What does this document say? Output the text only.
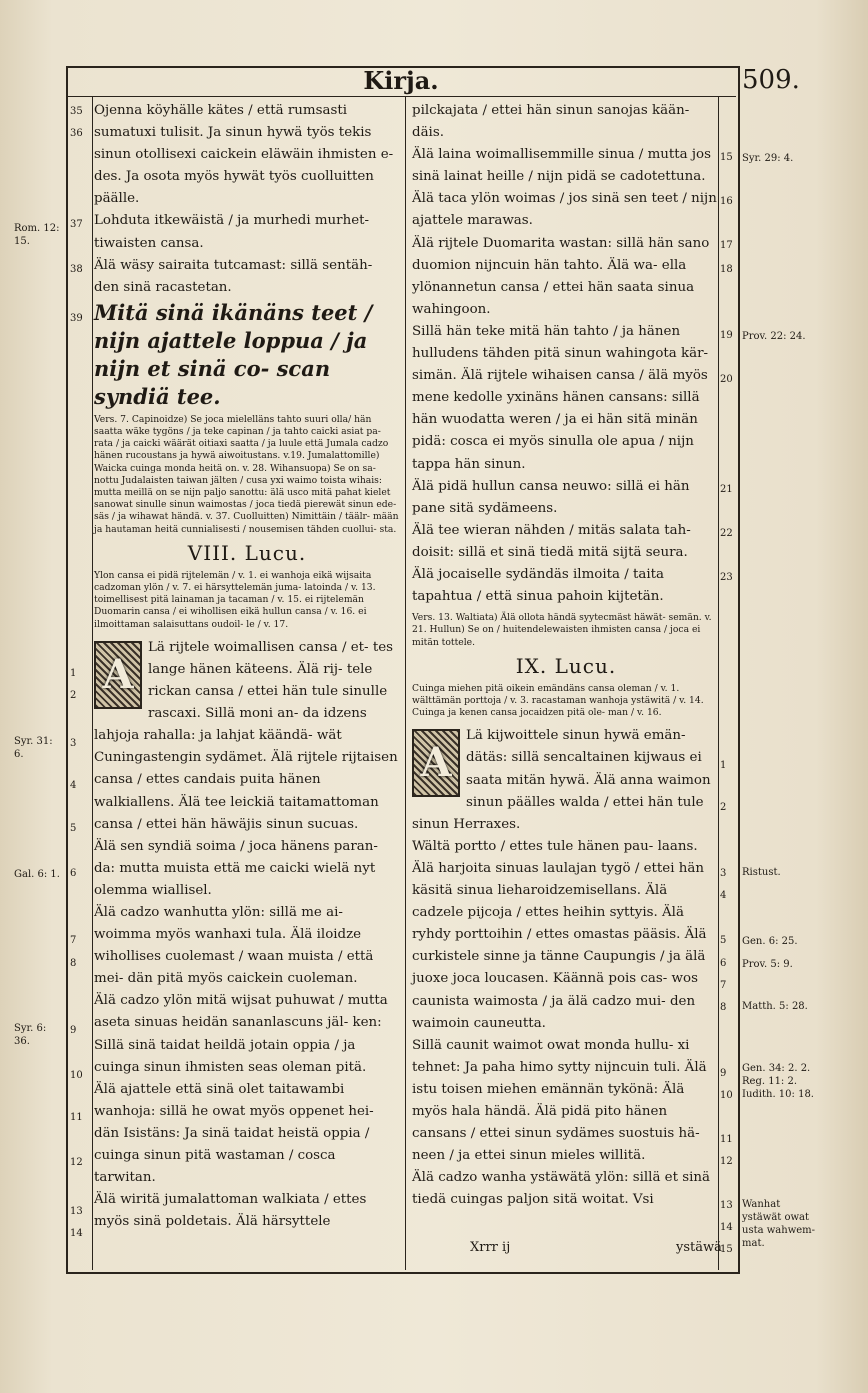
Kirja.	509.
35
36
37
38
39
1
2
3
4
5
6
7
8
9
10
11
12
13
14
Rom. 12: 15.
Syr. 31: 6.
Gal. 6: 1.
Syr. 6: 36.

Ojenna köyhälle kätes / että rumsasti sumatuxi tulisit. Ja sinun hywä työs tekis sinun otollisexi caickein eläwäin ihmisten e- des. Ja osota myös hywät työs cuolluitten päälle.

Lohduta itkewäistä / ja murhedi murhet- tiwaisten cansa.

Älä wäsy sairaita tutcamast: sillä sentäh- den sinä racastetan.

Mitä sinä ikänäns teet / nijn ajattele loppua / ja nijn et sinä co- scan syndiä tee.

Vers. 7. Capinoidze) Se joca mielelläns tahto suuri olla/ hän saatta wäke tygöns / ja teke capinan / ja tahto caicki asiat pa- rata / ja caicki wäärät oitiaxi saatta / ja luule että Jumala cadzo hänen rucoustans ja hywä aiwoitustans. v.19. Jumalattomille) Waicka cuinga monda heitä on. v. 28. Wihansuopa) Se on sa- nottu Judalaisten taiwan jälten / cusa yxi waimo toista wihais: mutta meillä on se nijn paljo sanottu: älä usco mitä pahat kielet sanowat sinulle sinun waimostas / joca tiedä pierewät sinun ede- säs / ja wihawat händä. v. 37. Cuolluitten) Nimittäin / täälr- mään ja hautaman heitä cunnialisesti / nousemisen tähden cuollui- sta.

VIII. Lucu.

Ylon cansa ei pidä rijtelemän / v. 1. ei wanhoja eikä wijsaita cadzoman ylön / v. 7. ei härsyttelemän juma- latoinda / v. 13. toimellisest pitä lainaman ja tacaman / v. 15. ei rijtelemän Duomarin cansa / ei wihollisen eikä hullun cansa / v. 16. ei ilmoittaman salaisuttans oudoil- le / v. 17.

A

Lä rijtele woimallisen cansa / et- tes lange hänen käteens. Älä rij- tele rickan cansa / ettei hän tule sinulle rascaxi. Sillä moni an- da idzens lahjoja rahalla: ja lahjat käändä- wät Cuningastengin sydämet. Älä rijtele rijtaisen cansa / ettes candais puita hänen walkiallens. Älä tee leickiä taitamattoman cansa / ettei hän häwäjis sinun sucuas.

Älä sen syndiä soima / joca hänens paran- da: mutta muista että me caicki wielä nyt olemma wiallisel.

Älä cadzo wanhutta ylön: sillä me ai- woimma myös wanhaxi tula. Älä iloidze wihollises cuolemast / waan muista / että mei- dän pitä myös caickein cuoleman.

Älä cadzo ylön mitä wijsat puhuwat / mutta aseta sinuas heidän sananlascuns jäl- ken: Sillä sinä taidat heildä jotain oppia / ja cuinga sinun ihmisten seas oleman pitä.

Älä ajattele että sinä olet taitawambi wanhoja: sillä he owat myös oppenet hei- dän Isistäns: Ja sinä taidat heistä oppia / cuinga sinun pitä wastaman / cosca tarwitan.

Älä wiritä jumalattoman walkiata / ettes myös sinä poldetais. Älä härsyttele

pilckajata / ettei hän sinun sanojas kään- däis.

Älä laina woimallisemmille sinua / mutta jos sinä lainat heille / nijn pidä se cadotettuna.

Älä taca ylön woimas / jos sinä sen teet / nijn ajattele marawas.

Älä rijtele Duomarita wastan: sillä hän sano duomion nijncuin hän tahto. Älä wa- ella ylönannetun cansa / ettei hän saata sinua wahingoon.

Sillä hän teke mitä hän tahto / ja hänen hulludens tähden pitä sinun wahingota kär- simän. Älä rijtele wihaisen cansa / älä myös mene kedolle yxinäns hänen cansans: sillä hän wuodatta weren / ja ei hän sitä minän pidä: cosca ei myös sinulla ole apua / nijn tappa hän sinun.

Älä pidä hullun cansa neuwo: sillä ei hän pane sitä sydämeens.

Älä tee wieran nähden / mitäs salata tah- doisit: sillä et sinä tiedä mitä sijtä seura.

Älä jocaiselle sydändäs ilmoita / taita tapahtua / että sinua pahoin kijtetän.

Vers. 13. Waltiata) Älä ollota händä syytecmäst häwät- semän. v. 21. Hullun) Se on / huitendelewaisten ihmisten cansa / joca ei mitän tottele.

IX. Lucu.

Cuinga miehen pitä oikein emändäns cansa oleman / v. 1. wälttämän porttoja / v. 3. racastaman wanhoja ystäwitä / v. 14. Cuinga ja kenen cansa jocaidzen pitä ole- man / v. 16.

A

Lä kijwoittele sinun hywä emän- dätäs: sillä sencaltainen kijwaus ei saata mitän hywä. Älä anna waimon sinun päälles walda / ettei hän tule sinun Herraxes.

Wältä portto / ettes tule hänen pau- laans. Älä harjoita sinuas laulajan tygö / ettei hän käsitä sinua lieharoidzemisellans. Älä cadzele pijcoja / ettes heihin syttyis. Älä ryhdy porttoihin / ettes omastas pääsis. Älä curkistele sinne ja tänne Caupungis / ja älä juoxe joca loucasen. Käännä pois cas- wos caunista waimosta / ja älä cadzo mui- den waimoin cauneutta.

Sillä caunit waimot owat monda hullu- xi tehnet: Ja paha himo sytty nijncuin tuli. Älä istu toisen miehen emännän tykönä: Älä myös hala händä. Älä pidä pito hänen cansans / ettei sinun sydämes suostuis hä- neen / ja ettei sinun mieles willitä.

Älä cadzo wanha ystäwätä ylön: sillä et sinä tiedä cuingas paljon sitä woitat. Vsi

15
16
17
18
19
20
21
22
23
1
2
3
4
5
6
7
8
9
10
11
12
13
14
15
Syr. 29: 4.
Prov. 22: 24.
Ristust.
Gen. 6: 25.
Prov. 5: 9.
Matth. 5: 28.
Gen. 34: 2. 2. Reg. 11: 2. Iudith. 10: 18.
Wanhat ystäwät owat usta wahwem- mat.
Xrrr ij	ystäwä
